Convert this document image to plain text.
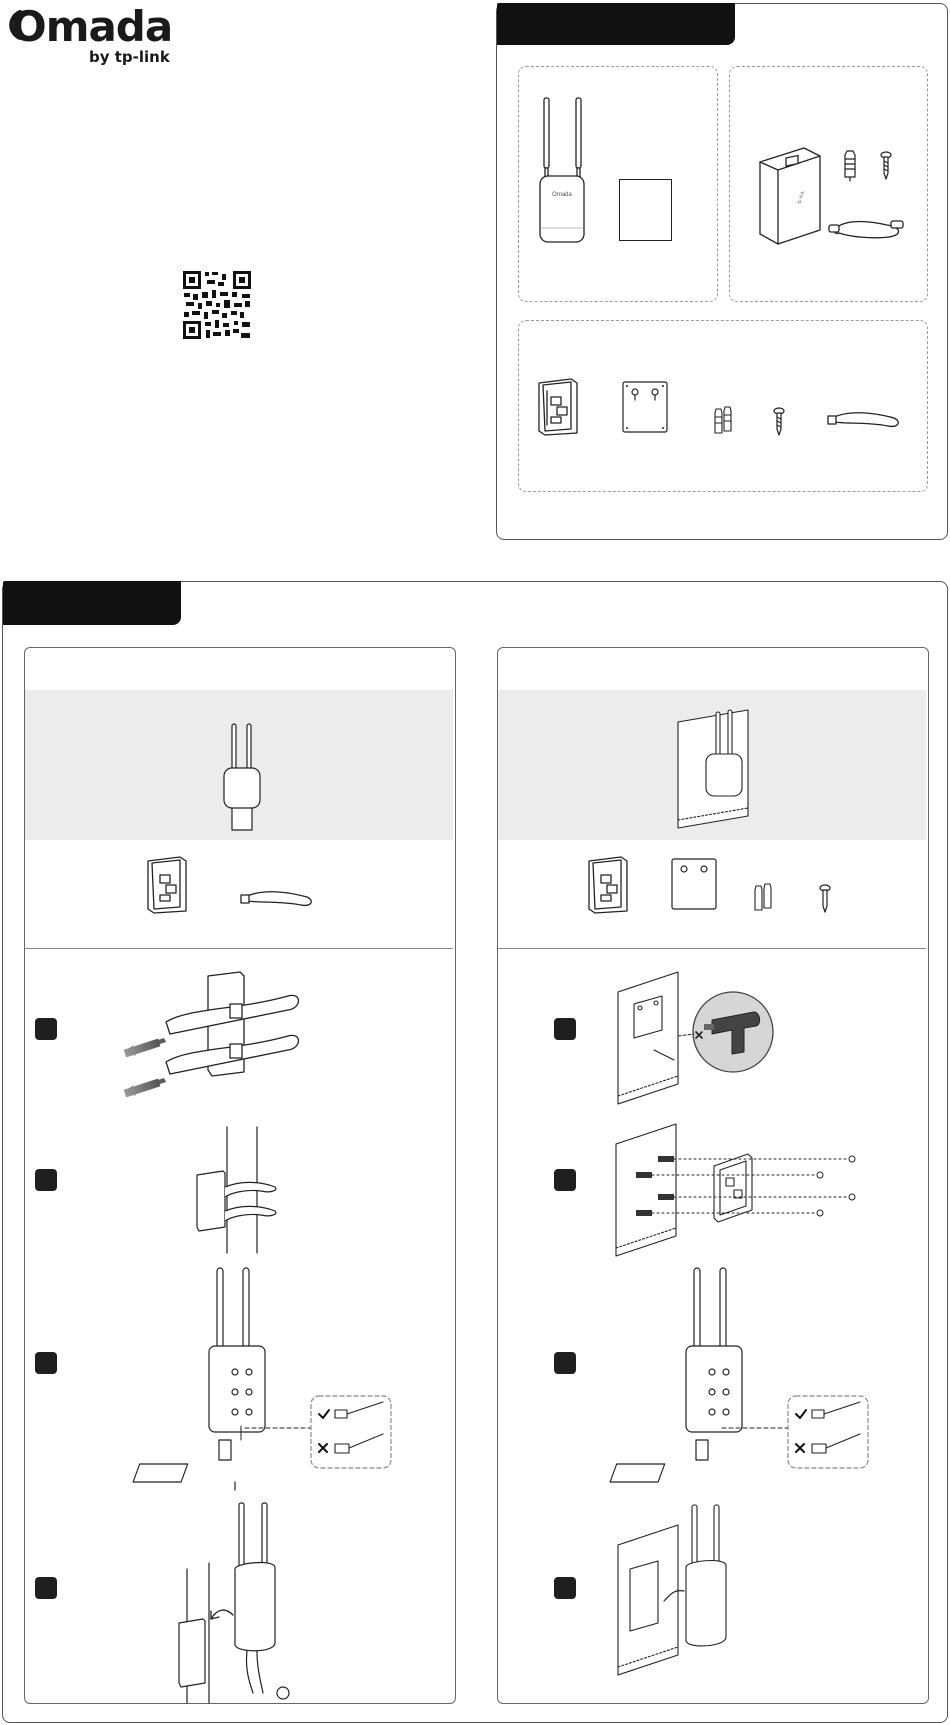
Omada
by tp-link
Omada	tp-link
